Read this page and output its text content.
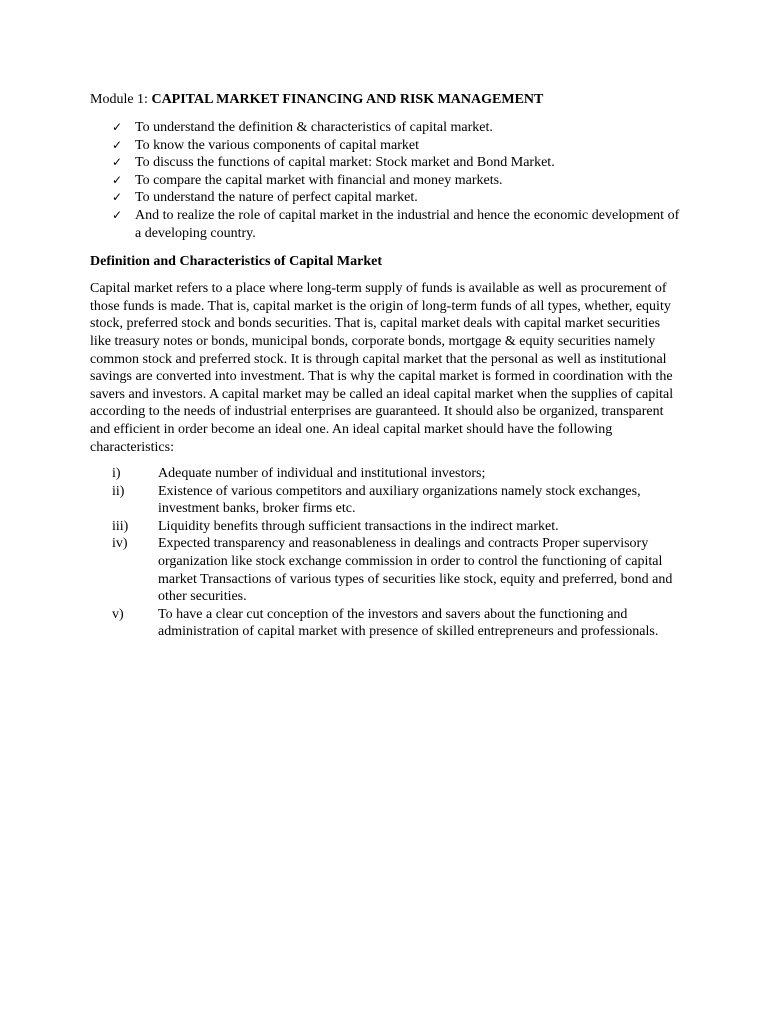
Module 1: CAPITAL MARKET FINANCING AND RISK MANAGEMENT
✓ To understand the definition & characteristics of capital market.
✓ To know the various components of capital market
✓ To discuss the functions of capital market: Stock market and Bond Market.
✓ To compare the capital market with financial and money markets.
✓ To understand the nature of perfect capital market.
✓ And to realize the role of capital market in the industrial and hence the economic development of a developing country.
Definition and Characteristics of Capital Market

Capital market refers to a place where long-term supply of funds is available as well as procurement of those funds is made. That is, capital market is the origin of long-term funds of all types, whether, equity stock, preferred stock and bonds securities. That is, capital market deals with capital market securities like treasury notes or bonds, municipal bonds, corporate bonds, mortgage & equity securities namely common stock and preferred stock. It is through capital market that the personal as well as institutional savings are converted into investment. That is why the capital market is formed in coordination with the savers and investors. A capital market may be called an ideal capital market when the supplies of capital according to the needs of industrial enterprises are guaranteed. It should also be organized, transparent and efficient in order become an ideal one. An ideal capital market should have the following characteristics:

i)	Adequate number of individual and institutional investors;
ii) Existence of various competitors and auxiliary organizations namely stock exchanges, investment banks, broker firms etc.
iii) Liquidity benefits through sufficient transactions in the indirect market.
iv) Expected transparency and reasonableness in dealings and contracts Proper supervisory organization like stock exchange commission in order to control the functioning of capital market Transactions of various types of securities like stock, equity and preferred, bond and other securities.
v) To have a clear cut conception of the investors and savers about the functioning and administration of capital market with presence of skilled entrepreneurs and professionals.
